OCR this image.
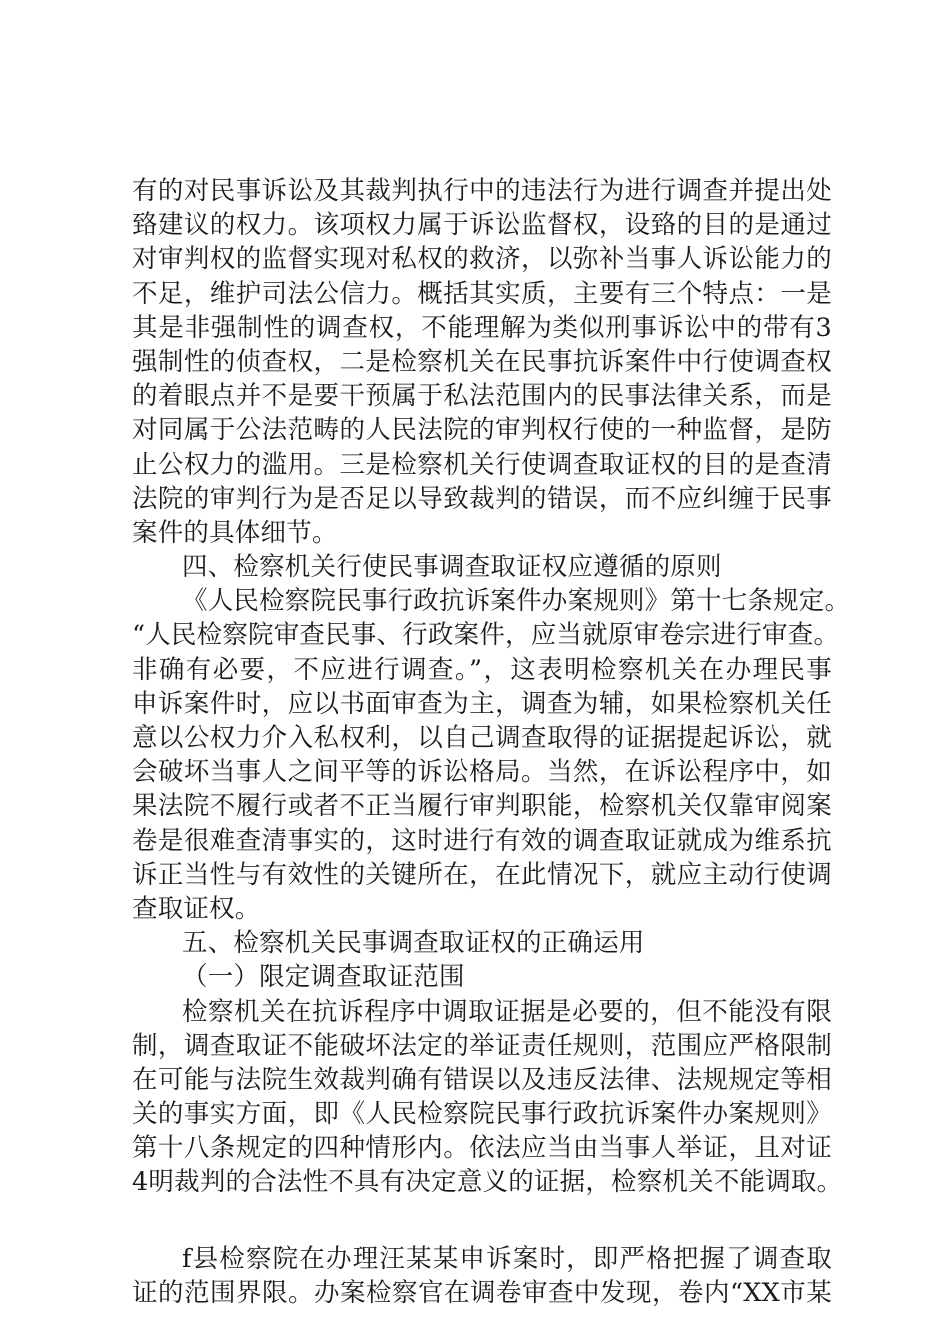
有的对民事诉讼及其裁判执行中的违法行为进行调查并提出处
臵建议的权力。该项权力属于诉讼监督权，设臵的目的是通过
对审判权的监督实现对私权的救济，以弥补当事人诉讼能力的
不足，维护司法公信力。概括其实质，主要有三个特点：一是
其是非强制性的调查权，不能理解为类似刑事诉讼中的带有3
强制性的侦查权，二是检察机关在民事抗诉案件中行使调查权
的着眼点并不是要干预属于私法范围内的民事法律关系，而是
对同属于公法范畴的人民法院的审判权行使的一种监督，是防
止公权力的滥用。三是检察机关行使调查取证权的目的是查清
法院的审判行为是否足以导致裁判的错误，而不应纠缠于民事
案件的具体细节。
四、检察机关行使民事调查取证权应遵循的原则
《人民检察院民事行政抗诉案件办案规则》第十七条规定。
“人民检察院审查民事、行政案件，应当就原审卷宗进行审查。
非确有必要，不应进行调查。”，这表明检察机关在办理民事
申诉案件时，应以书面审查为主，调查为辅，如果检察机关任
意以公权力介入私权利，以自己调查取得的证据提起诉讼，就
会破坏当事人之间平等的诉讼格局。当然，在诉讼程序中，如
果法院不履行或者不正当履行审判职能，检察机关仅靠审阅案
卷是很难查清事实的，这时进行有效的调查取证就成为维系抗
诉正当性与有效性的关键所在，在此情况下，就应主动行使调
查取证权。
五、检察机关民事调查取证权的正确运用
（一）限定调查取证范围
检察机关在抗诉程序中调取证据是必要的，但不能没有限
制，调查取证不能破坏法定的举证责任规则，范围应严格限制
在可能与法院生效裁判确有错误以及违反法律、法规规定等相
关的事实方面，即《人民检察院民事行政抗诉案件办案规则》
第十八条规定的四种情形内。依法应当由当事人举证，且对证
4明裁判的合法性不具有决定意义的证据，检察机关不能调取。
f县检察院在办理汪某某申诉案时，即严格把握了调查取
证的范围界限。办案检察官在调卷审查中发现，卷内“XX市某
